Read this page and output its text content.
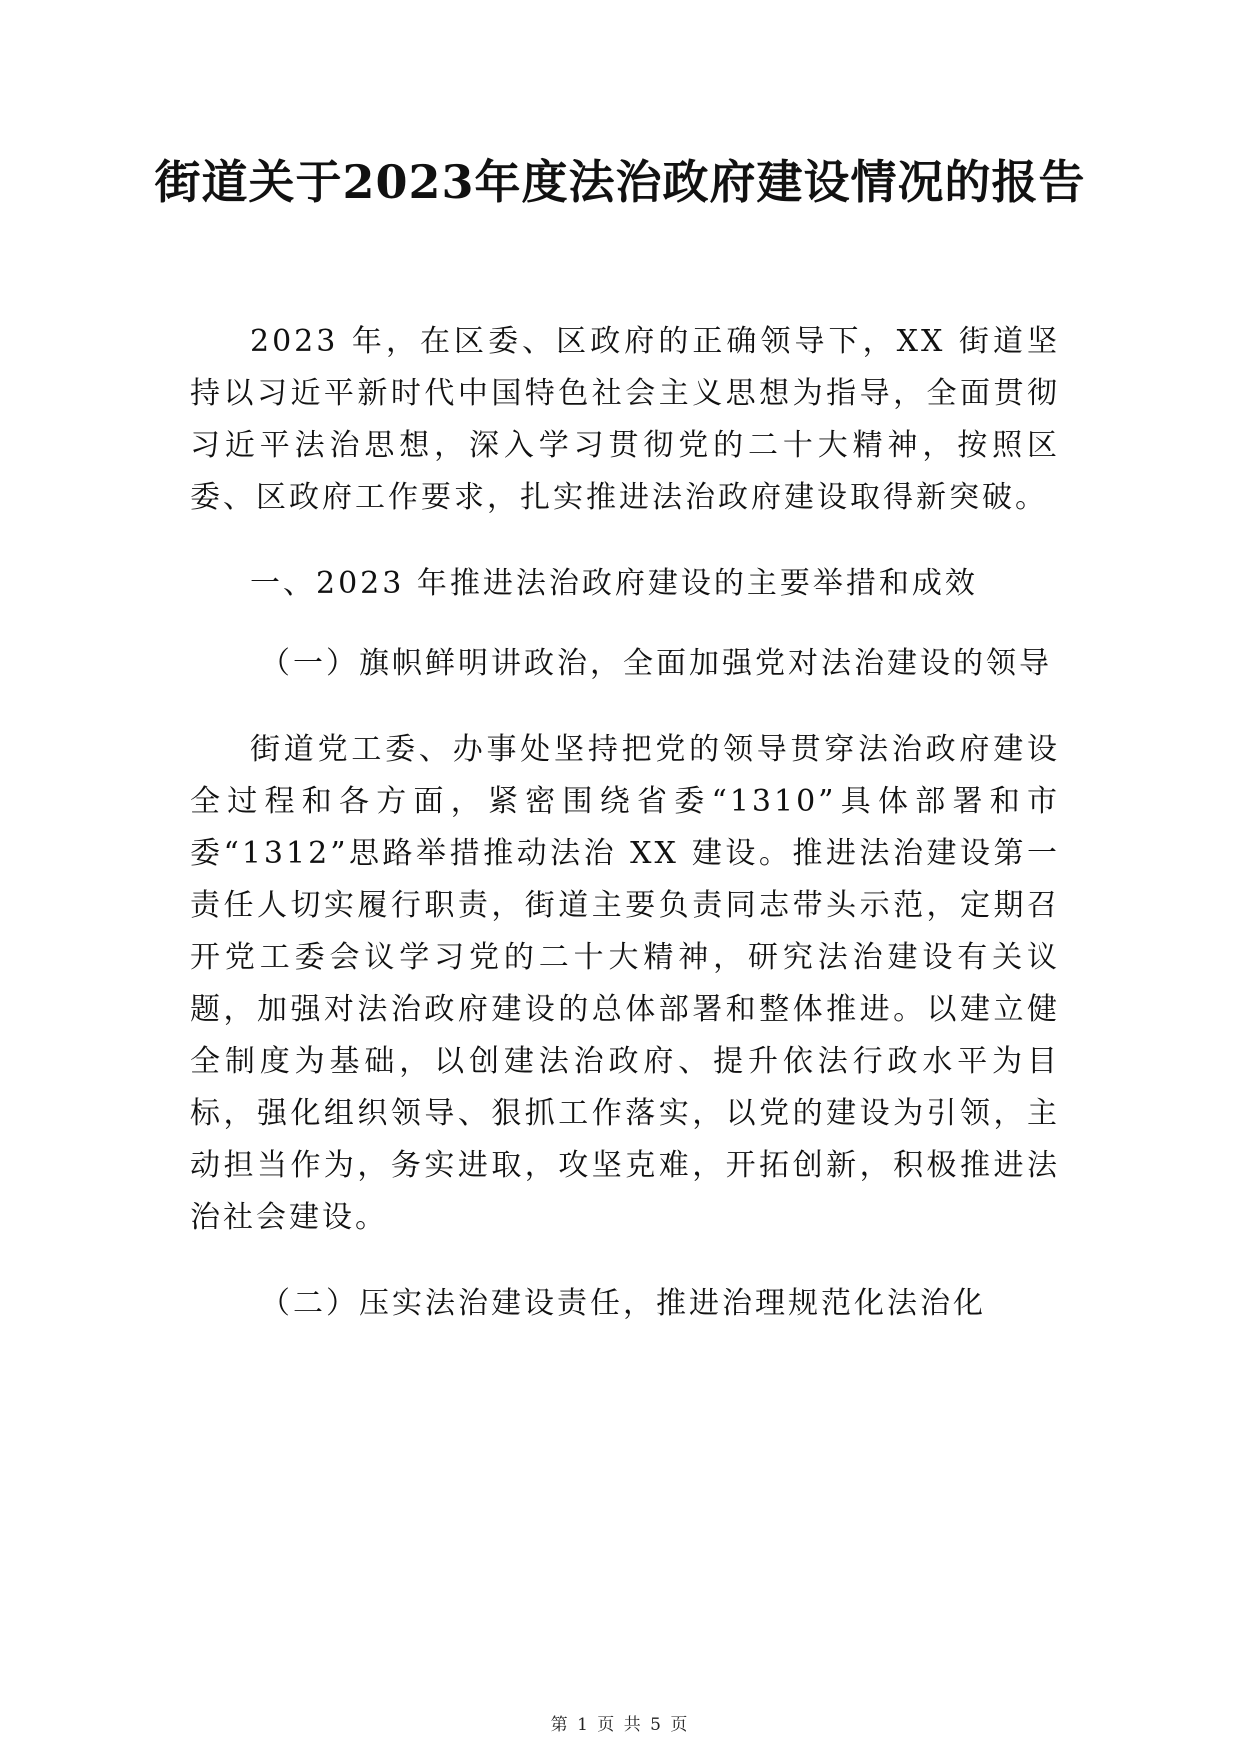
街道关于2023年度法治政府建设情况的报告

2023 年，在区委、区政府的正确领导下，XX 街道坚持以习近平新时代中国特色社会主义思想为指导，全面贯彻习近平法治思想，深入学习贯彻党的二十大精神，按照区委、区政府工作要求，扎实推进法治政府建设取得新突破。

一、2023 年推进法治政府建设的主要举措和成效

（一）旗帜鲜明讲政治，全面加强党对法治建设的领导

街道党工委、办事处坚持把党的领导贯穿法治政府建设全过程和各方面，紧密围绕省委“1310”具体部署和市委“1312”思路举措推动法治 XX 建设。推进法治建设第一责任人切实履行职责，街道主要负责同志带头示范，定期召开党工委会议学习党的二十大精神，研究法治建设有关议题，加强对法治政府建设的总体部署和整体推进。以建立健全制度为基础，以创建法治政府、提升依法行政水平为目标，强化组织领导、狠抓工作落实，以党的建设为引领，主动担当作为，务实进取，攻坚克难，开拓创新，积极推进法治社会建设。

（二）压实法治建设责任，推进治理规范化法治化

第 1 页 共 5 页
